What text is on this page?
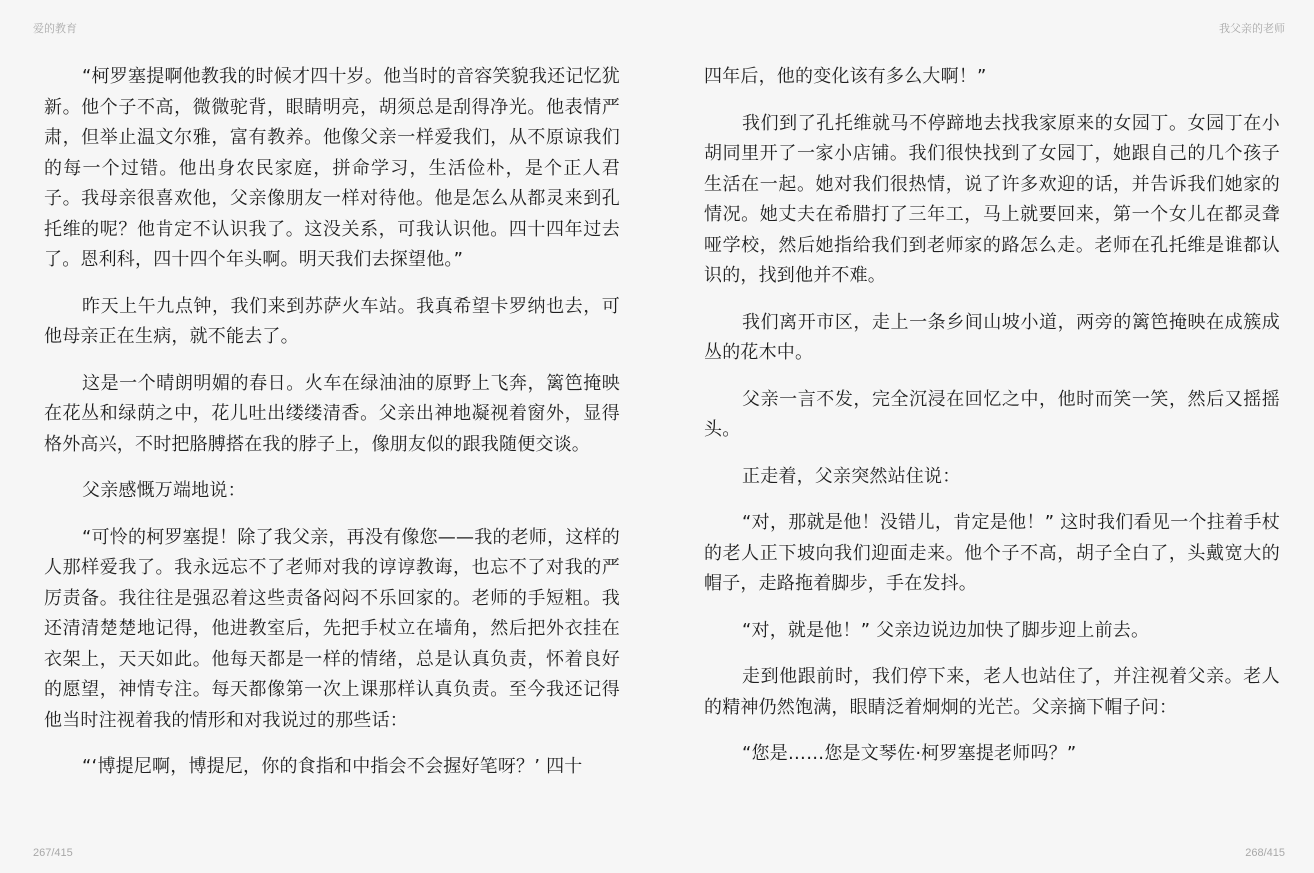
爱的教育	我父亲的老师

“柯罗塞提啊他教我的时候才四十岁。他当时的音容笑貌我还记忆犹新。他个子不高，微微驼背，眼睛明亮，胡须总是刮得净光。他表情严肃，但举止温文尔雅，富有教养。他像父亲一样爱我们，从不原谅我们的每一个过错。他出身农民家庭，拼命学习，生活俭朴，是个正人君子。我母亲很喜欢他，父亲像朋友一样对待他。他是怎么从都灵来到孔托维的呢？他肯定不认识我了。这没关系，可我认识他。四十四年过去了。恩利科，四十四个年头啊。明天我们去探望他。”

昨天上午九点钟，我们来到苏萨火车站。我真希望卡罗纳也去，可他母亲正在生病，就不能去了。

这是一个晴朗明媚的春日。火车在绿油油的原野上飞奔，篱笆掩映在花丛和绿荫之中，花儿吐出缕缕清香。父亲出神地凝视着窗外，显得格外高兴，不时把胳膊搭在我的脖子上，像朋友似的跟我随便交谈。

父亲感慨万端地说：

“可怜的柯罗塞提！除了我父亲，再没有像您——我的老师，这样的人那样爱我了。我永远忘不了老师对我的谆谆教诲，也忘不了对我的严厉责备。我往往是强忍着这些责备闷闷不乐回家的。老师的手短粗。我还清清楚楚地记得，他进教室后，先把手杖立在墙角，然后把外衣挂在衣架上，天天如此。他每天都是一样的情绪，总是认真负责，怀着良好的愿望，神情专注。每天都像第一次上课那样认真负责。至今我还记得他当时注视着我的情形和对我说过的那些话：

“‘博提尼啊，博提尼，你的食指和中指会不会握好笔呀？’ 四十

四年后，他的变化该有多么大啊！”

我们到了孔托维就马不停蹄地去找我家原来的女园丁。女园丁在小胡同里开了一家小店铺。我们很快找到了女园丁，她跟自己的几个孩子生活在一起。她对我们很热情，说了许多欢迎的话，并告诉我们她家的情况。她丈夫在希腊打了三年工，马上就要回来，第一个女儿在都灵聋哑学校，然后她指给我们到老师家的路怎么走。老师在孔托维是谁都认识的，找到他并不难。

我们离开市区，走上一条乡间山坡小道，两旁的篱笆掩映在成簇成丛的花木中。

父亲一言不发，完全沉浸在回忆之中，他时而笑一笑，然后又摇摇头。

正走着，父亲突然站住说：

“对，那就是他！没错儿，肯定是他！” 这时我们看见一个拄着手杖的老人正下坡向我们迎面走来。他个子不高，胡子全白了，头戴宽大的帽子，走路拖着脚步，手在发抖。

“对，就是他！” 父亲边说边加快了脚步迎上前去。

走到他跟前时，我们停下来，老人也站住了，并注视着父亲。老人的精神仍然饱满，眼睛泛着炯炯的光芒。父亲摘下帽子问：

“您是……您是文琴佐·柯罗塞提老师吗？”

267/415	268/415
